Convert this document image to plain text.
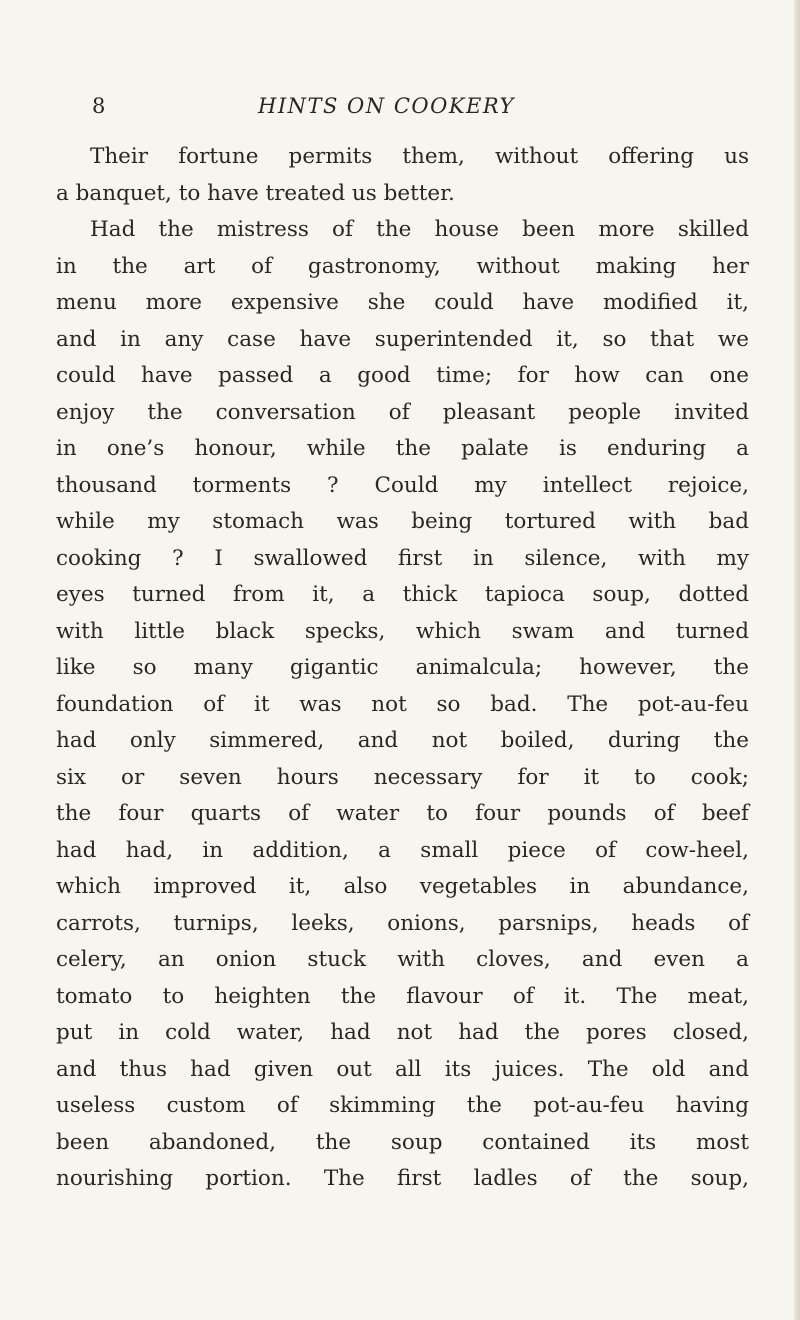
8	HINTS ON COOKERY
Their fortune permits them, without offering us
a banquet, to have treated us better.
Had the mistress of the house been more skilled
in the art of gastronomy, without making her
menu more expensive she could have modified it,
and in any case have superintended it, so that we
could have passed a good time; for how can one
enjoy the conversation of pleasant people invited
in one’s honour, while the palate is enduring a
thousand torments ? Could my intellect rejoice,
while my stomach was being tortured with bad
cooking ? I swallowed first in silence, with my
eyes turned from it, a thick tapioca soup, dotted
with little black specks, which swam and turned
like so many gigantic animalcula; however, the
foundation of it was not so bad. The pot-au-feu
had only simmered, and not boiled, during the
six or seven hours necessary for it to cook;
the four quarts of water to four pounds of beef
had had, in addition, a small piece of cow-heel,
which improved it, also vegetables in abundance,
carrots, turnips, leeks, onions, parsnips, heads of
celery, an onion stuck with cloves, and even a
tomato to heighten the flavour of it. The meat,
put in cold water, had not had the pores closed,
and thus had given out all its juices. The old and
useless custom of skimming the pot-au-feu having
been abandoned, the soup contained its most
nourishing portion. The first ladles of the soup,
